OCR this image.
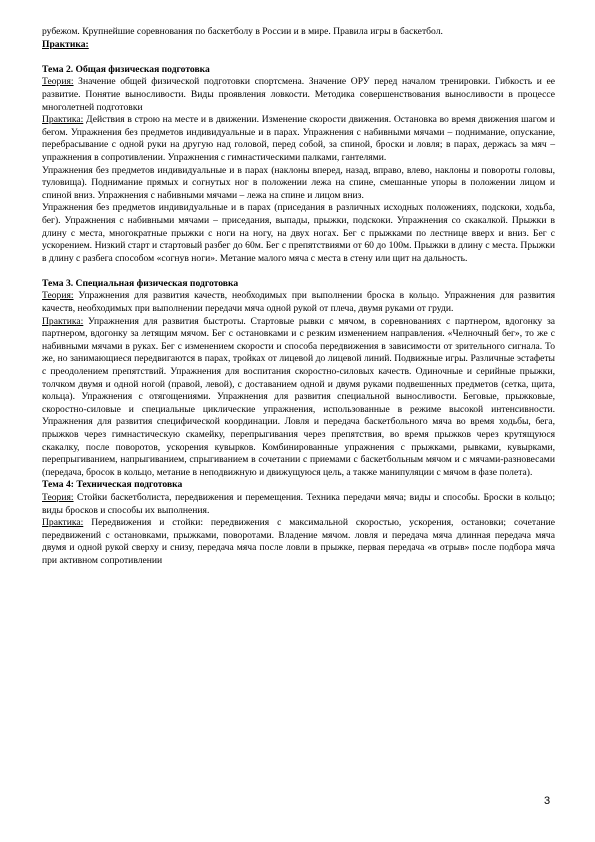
рубежом. Крупнейшие соревнования по баскетболу в России и в мире. Правила игры в баскетбол.

Практика:

Тема 2. Общая физическая подготовка

Теория: Значение общей физической подготовки спортсмена. Значение ОРУ перед началом тренировки. Гибкость и ее развитие. Понятие выносливости. Виды проявления ловкости. Методика совершенствования выносливости в процессе многолетней подготовки

Практика: Действия в строю на месте и в движении. Изменение скорости движения. Остановка во время движения шагом и бегом. Упражнения без предметов индивидуальные и в парах. Упражнения с набивными мячами – поднимание, опускание, перебрасывание с одной руки на другую над головой, перед собой, за спиной, броски и ловля; в парах, держась за мяч – упражнения в сопротивлении. Упражнения с гимнастическими палками, гантелями.

Упражнения без предметов индивидуальные и в парах (наклоны вперед, назад, вправо, влево, наклоны и повороты головы, туловища). Поднимание прямых и согнутых ног в положении лежа на спине, смешанные упоры в положении лицом и спиной вниз. Упражнения с набивными мячами – лежа на спине и лицом вниз.

Упражнения без предметов индивидуальные и в парах (приседания в различных исходных положениях, подскоки, ходьба, бег). Упражнения с набивными мячами – приседания, выпады, прыжки, подскоки. Упражнения со скакалкой. Прыжки в длину с места, многократные прыжки с ноги на ногу, на двух ногах. Бег с прыжками по лестнице вверх и вниз. Бег с ускорением. Низкий старт и стартовый разбег до 60м. Бег с препятствиями от 60 до 100м. Прыжки в длину с места. Прыжки в длину с разбега способом «согнув ноги». Метание малого мяча с места в стену или щит на дальность.

Тема 3. Специальная физическая подготовка

Теория: Упражнения для развития качеств, необходимых при выполнении броска в кольцо. Упражнения для развития качеств, необходимых при выполнении передачи мяча одной рукой от плеча, двумя руками от груди.

Практика: Упражнения для развития быстроты. Стартовые рывки с мячом, в соревнованиях с партнером, вдогонку за партнером, вдогонку за летящим мячом. Бег с остановками и с резким изменением направления. «Челночный бег», то же с набивными мячами в руках. Бег с изменением скорости и способа передвижения в зависимости от зрительного сигнала. То же, но занимающиеся передвигаются в парах, тройках от лицевой до лицевой линий. Подвижные игры. Различные эстафеты с преодолением препятствий. Упражнения для воспитания скоростно-силовых качеств. Одиночные и серийные прыжки, толчком двумя и одной ногой (правой, левой), с доставанием одной и двумя руками подвешенных предметов (сетка, щита, кольца). Упражнения с отягощениями. Упражнения для развития специальной выносливости. Беговые, прыжковые, скоростно-силовые и специальные циклические упражнения, использованные в режиме высокой интенсивности. Упражнения для развития специфической координации. Ловля и передача баскетбольного мяча во время ходьбы, бега, прыжков через гимнастическую скамейку, перепрыгивания через препятствия, во время прыжков через крутящуюся скакалку, после поворотов, ускорения кувырков. Комбинированные упражнения с прыжками, рывками, кувырками, перепрыгиванием, напрыгиванием, спрыгиванием в сочетании с приемами с баскетбольным мячом и с мячами-разновесами (передача, бросок в кольцо, метание в неподвижную и движущуюся цель, а также манипуляции с мячом в фазе полета).

Тема 4: Техническая подготовка

Теория: Стойки баскетболиста, передвижения и перемещения. Техника передачи мяча; виды и способы. Броски в кольцо; виды бросков и способы их выполнения.

Практика: Передвижения и стойки: передвижения с максимальной скоростью, ускорения, остановки; сочетание передвижений с остановками, прыжками, поворотами. Владение мячом. ловля и передача мяча длинная передача мяча двумя и одной рукой сверху и снизу, передача мяча после ловли в прыжке, первая передача «в отрыв» после подбора мяча при активном сопротивлении

3
